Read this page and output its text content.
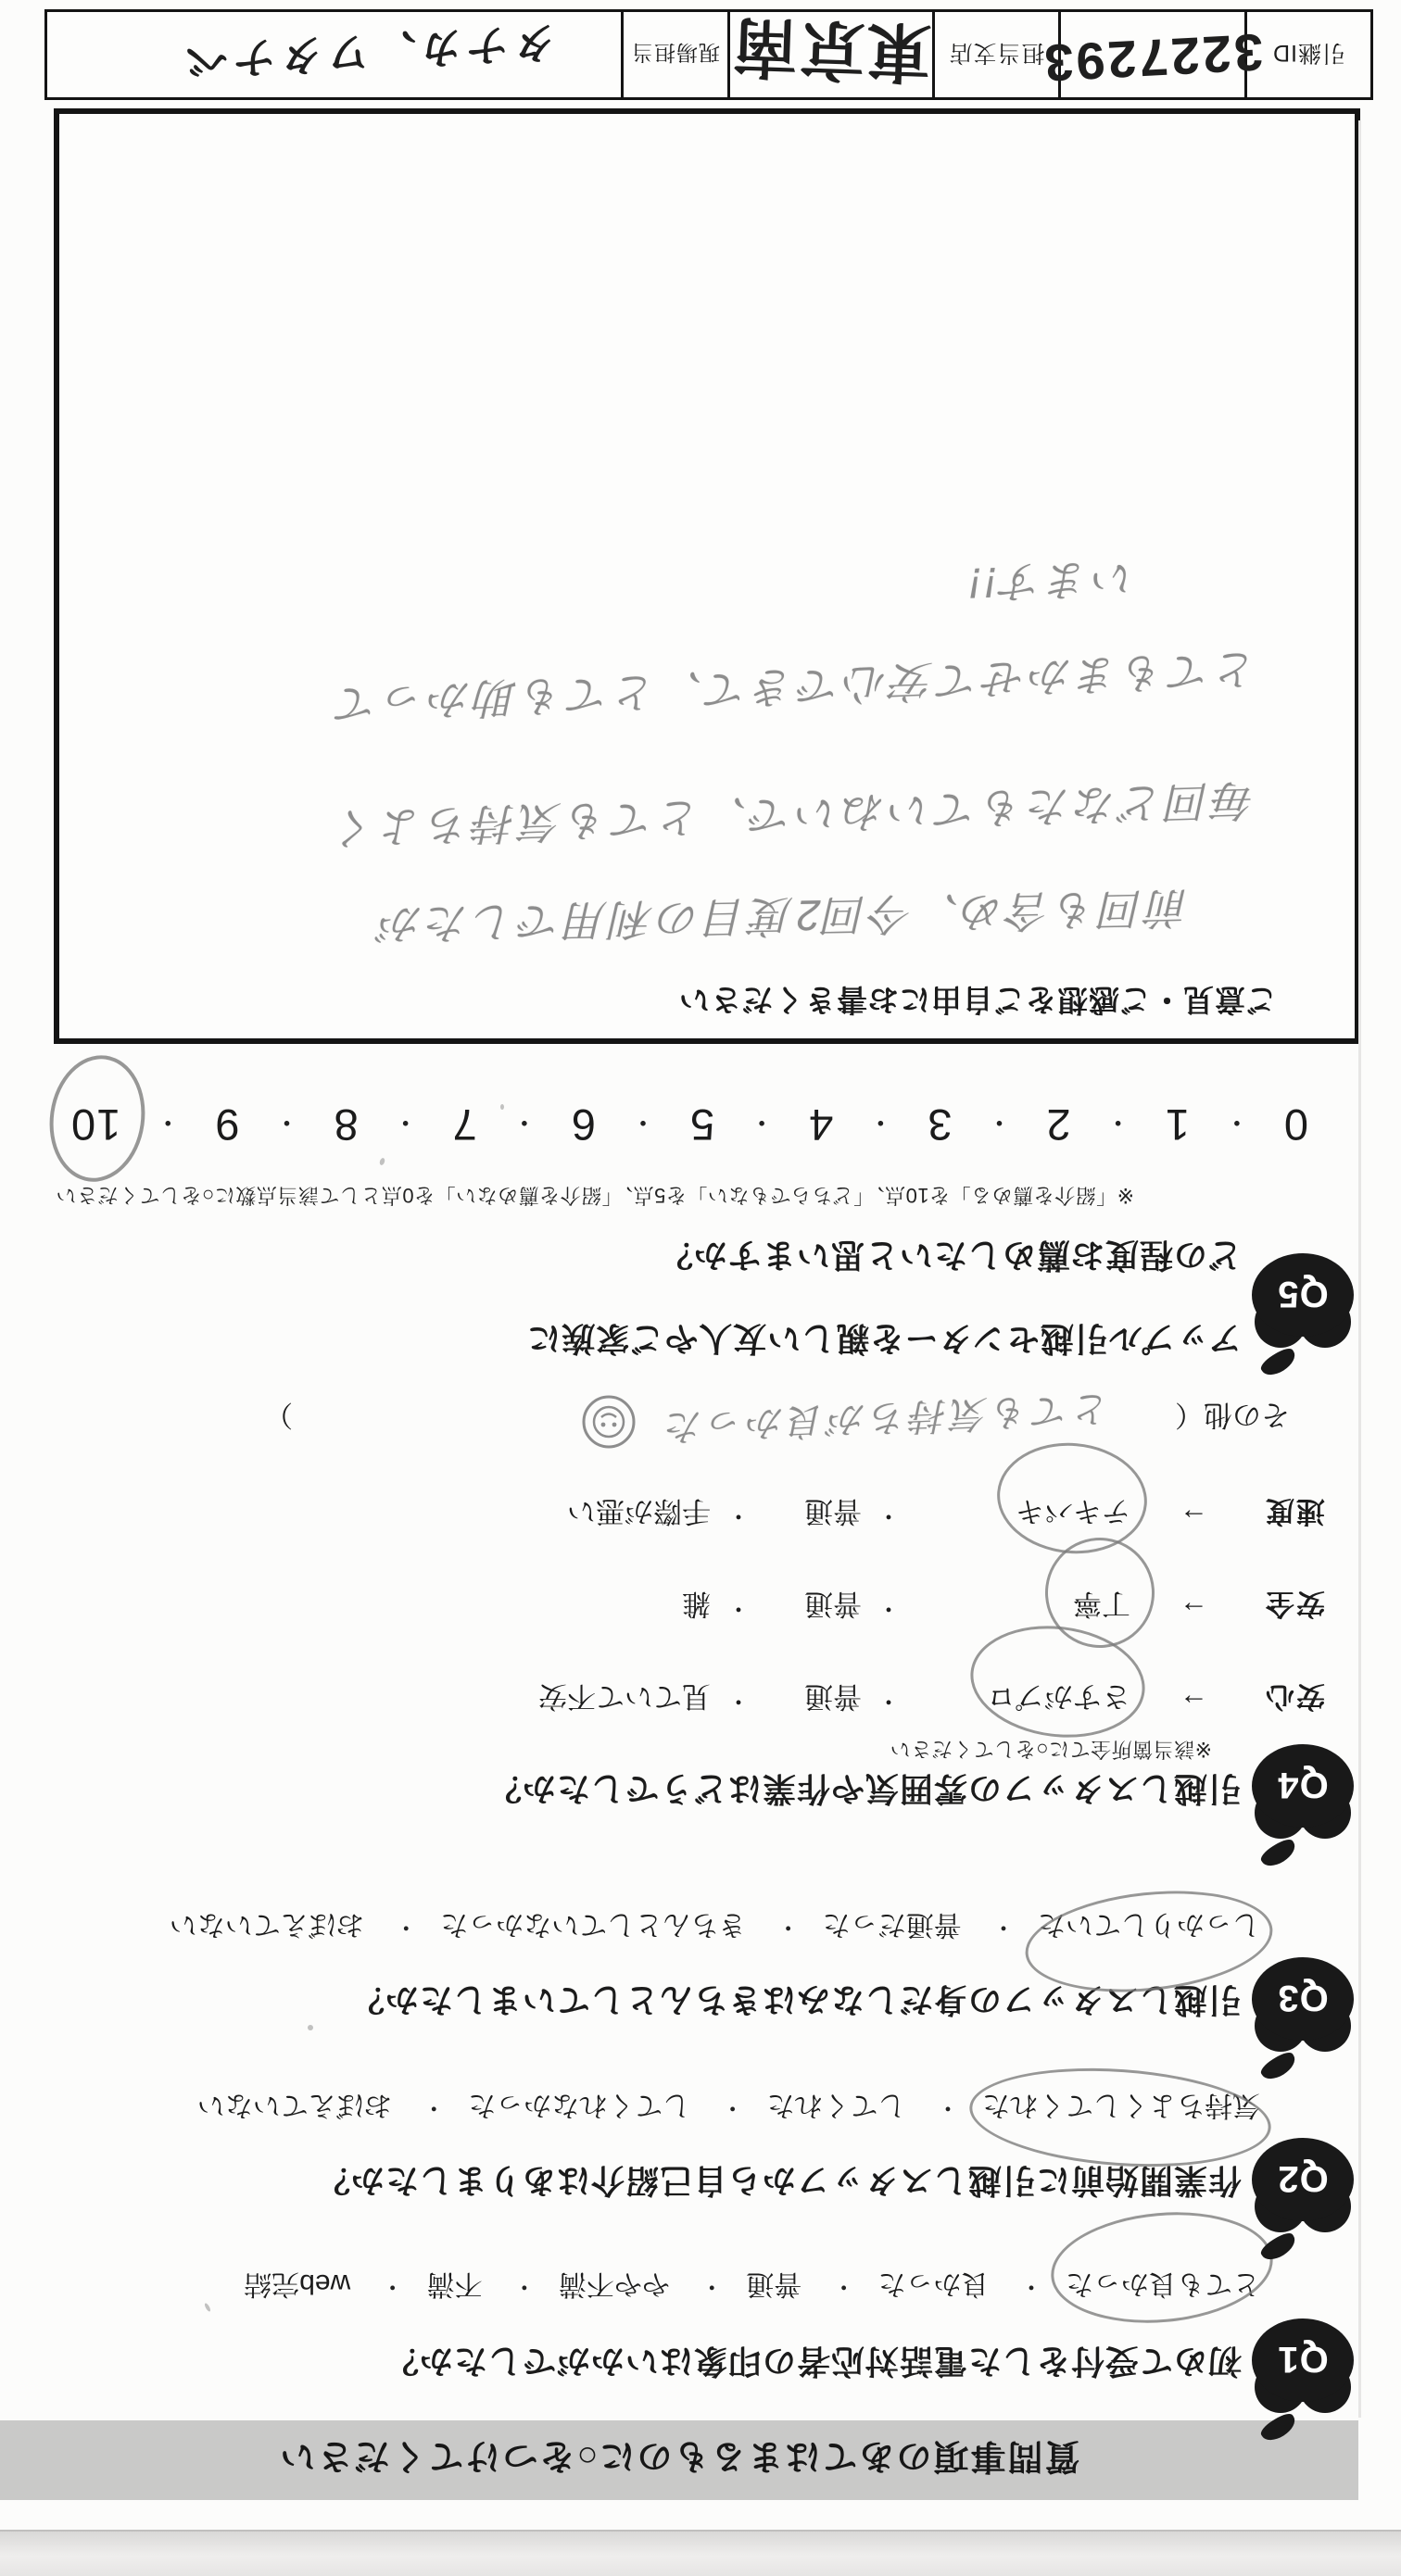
質問事項のあてはまるものに○をつけてください
Q1
初めて受付をした電話対応者の印象はいかがでしたか？
とても良かった・ 良かった・ 普通・ やや不満・ 不満・ web完結
Q2
作業開始前に引越しスタッフから自己紹介はありましたか？
気持ちよくしてくれた・ してくれた・ してくれなかった・ おぼえていない
Q3
引越しスタッフの身だしなみはきちんとしていましたか？
しっかりしていた・ 普通だった・ きちんとしていなかった・ おぼえていない
Q4
引越しスタッフの雰囲気や作業はどうでしたか？
※該当箇所全てに○をしてください
安心
→
さすがプロ
・
普通
・
見ていて不安
安全
→
丁寧
・
普通
・
雑
速度
→
テキパキ
・
普通
・
手際が悪い
その他（ とても気持ちが良かった  ）
Q5
アップル引越センターを親しい友人やご家族に
どの程度お薦めしたいと思いますか？
※「紹介を薦める」を10点、「どちらでもない」を5点、「紹介を薦めない」を0点として該当点数に○をしてください
0
・
1
・
2
・
3
・
4
・
5
・
6
・
7
・
8
・
9
・
10
ご意見・ご感想をご自由にお書きください
前回も含め、今回2度目の利用でしたが
毎回どなたもていねいで、とても気持ちよく
とてもまかせて安心できて、とても助かって
います!!
引継ID
3227293
担当支店
東京南
現場担当
タナカ、ワタナベ
